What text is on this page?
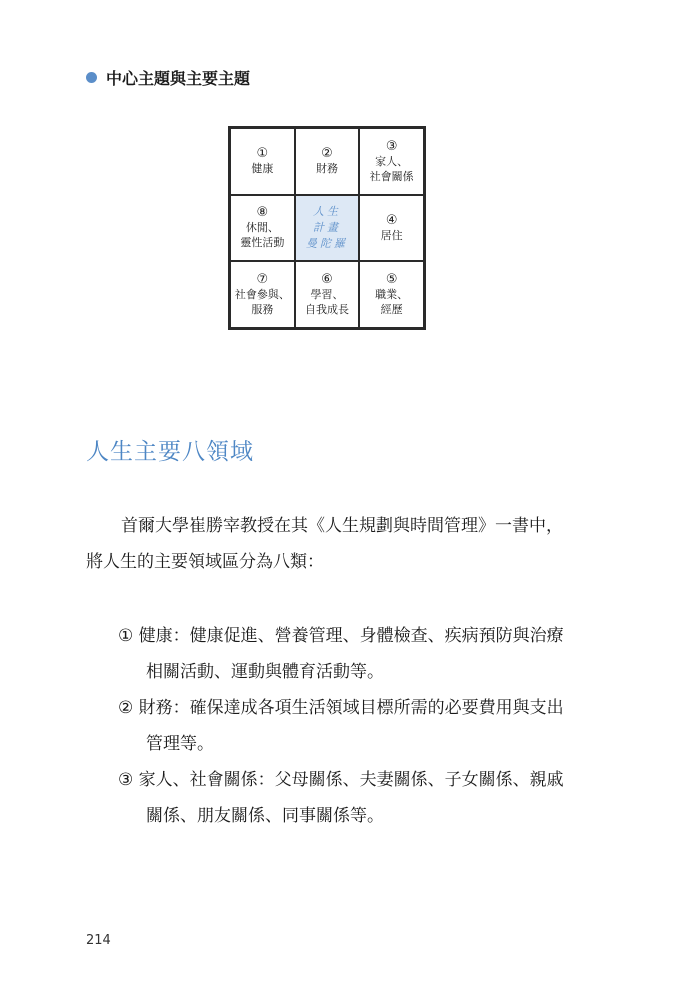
中心主題與主要主題
①
健康
②
財務
③
家人、
社會關係
⑧
休閒、
靈性活動
人生
計畫
曼陀羅
④
居住
⑦
社會參與、
服務
⑥
學習、
自我成長
⑤
職業、
經歷
人生主要八領域

首爾大學崔勝宰教授在其《人生規劃與時間管理》一書中，將人生的主要領域區分為八類：

① 健康：健康促進、營養管理、身體檢查、疾病預防與治療相關活動、運動與體育活動等。

② 財務：確保達成各項生活領域目標所需的必要費用與支出管理等。

③ 家人、社會關係：父母關係、夫妻關係、子女關係、親戚關係、朋友關係、同事關係等。

214
